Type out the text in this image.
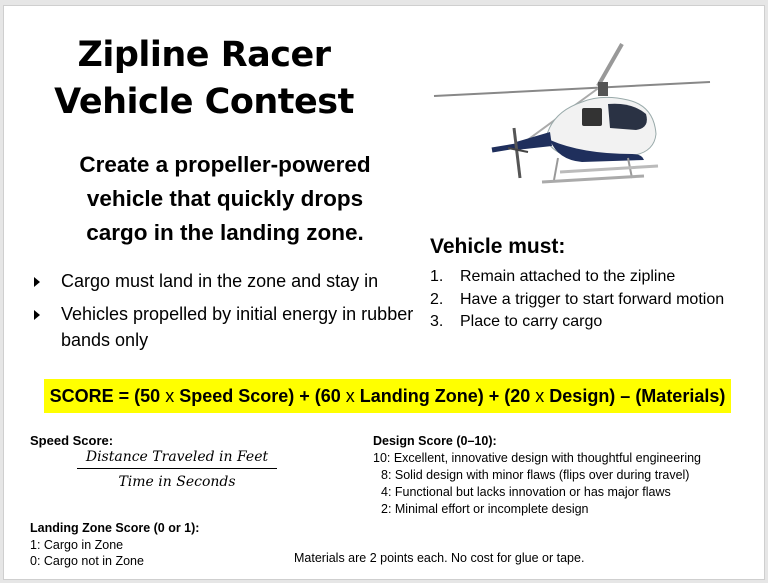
Zipline Racer
Vehicle Contest
Create a propeller-powered
vehicle that quickly drops
cargo in the landing zone.
Cargo must land in the zone and stay in
Vehicles propelled by initial energy in rubber bands only
Vehicle must:
1.	Remain attached to the zipline
2.	Have a trigger to start forward motion
3.	Place to carry cargo
SCORE = (50 x Speed Score) + (60 x Landing Zone) + (20 x Design) – (Materials)
Speed Score:
Distance Traveled in Feet
Time in Seconds
Landing Zone Score (0 or 1):
1: Cargo in Zone
0: Cargo not in Zone
Design Score (0–10):
10: Excellent, innovative design with thoughtful engineering
8: Solid design with minor flaws (flips over during travel)
4: Functional but lacks innovation or has major flaws
2: Minimal effort or incomplete design
Materials are 2 points each. No cost for glue or tape.
